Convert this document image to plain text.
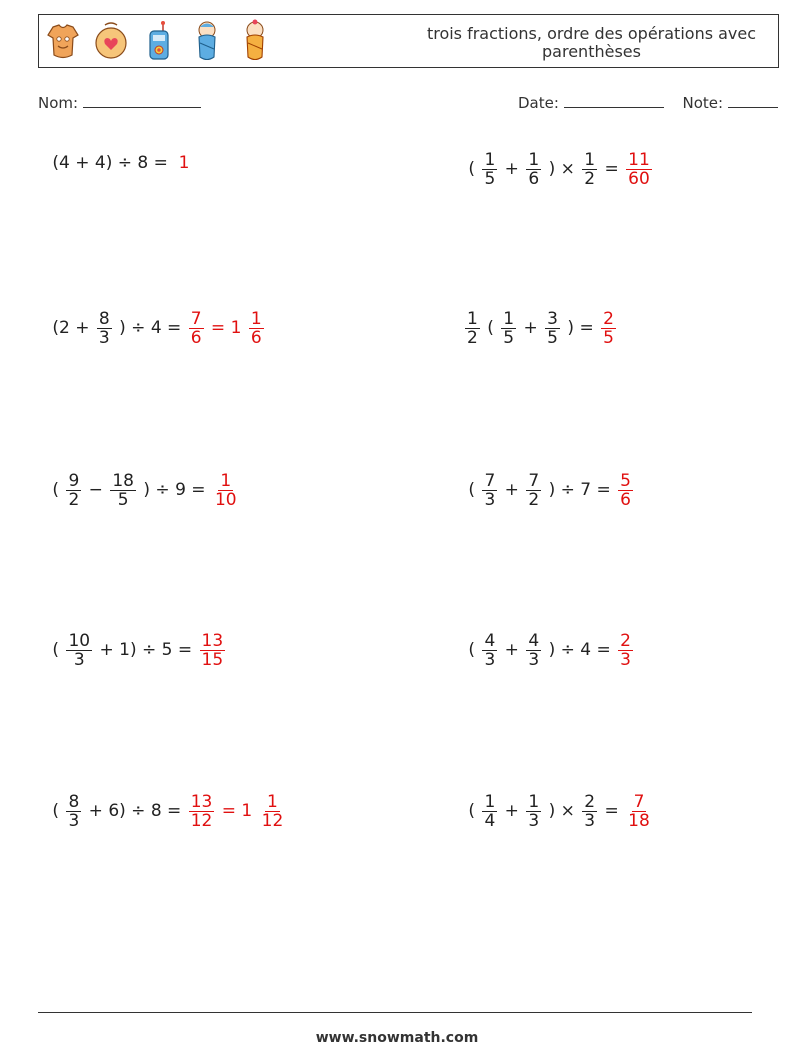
trois fractions, ordre des opérations avec parenthèses
Nom:	Date:	Note:
(4 + 4) ÷ 8 = 1	( $\frac{1}{5} + \frac{1}{6}$ ) × $\frac{1}{2} = \frac{11}{60}$
($2 + \frac{8}{3}$ ) ÷ $4 = \frac{7}{6} = 1 \frac{1}{6}$	$\frac{1}{2}$ ( $\frac{1}{5} + \frac{3}{5}$ ) = $\frac{2}{5}$
( $\frac{9}{2} - \frac{18}{5}$ ) ÷ $9 = \frac{1}{10}$	( $\frac{7}{3} + \frac{7}{2}$ ) ÷ $7 = \frac{5}{6}$
( $\frac{10}{3} + 1) \div 5 = \frac{13}{15}$	( $\frac{4}{3} + \frac{4}{3}$ ) ÷ $4 = \frac{2}{3}$
( $\frac{8}{3} + 6) \div 8 = \frac{13}{12} = 1 \frac{1}{12}$	( $\frac{1}{4} + \frac{1}{3}$ ) × $\frac{2}{3} = \frac{7}{18}$
www.snowmath.com
